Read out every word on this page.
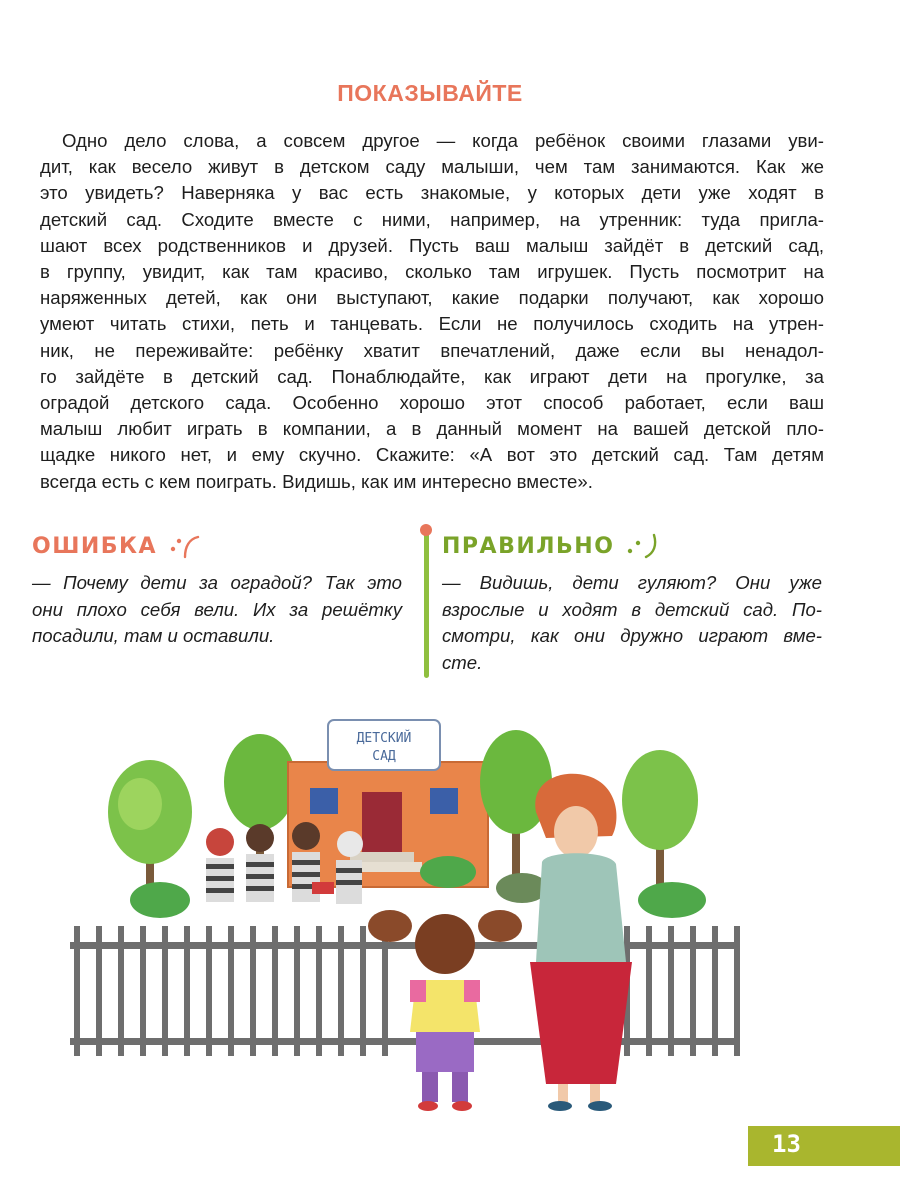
ПОКАЗЫВАЙТЕ
Одно дело слова, а совсем другое — когда ребёнок своими глазами уви-
дит, как весело живут в детском саду малыши, чем там занимаются. Как же
это увидеть? Наверняка у вас есть знакомые, у которых дети уже ходят в
детский сад. Сходите вместе с ними, например, на утренник: туда пригла-
шают всех родственников и друзей. Пусть ваш малыш зайдёт в детский сад,
в группу, увидит, как там красиво, сколько там игрушек. Пусть посмотрит на
наряженных детей, как они выступают, какие подарки получают, как хорошо
умеют читать стихи, петь и танцевать. Если не получилось сходить на утрен-
ник, не переживайте: ребёнку хватит впечатлений, даже если вы ненадол-
го зайдёте в детский сад. Понаблюдайте, как играют дети на прогулке, за
оградой детского сада. Особенно хорошо этот способ работает, если ваш
малыш любит играть в компании, а в данный момент на вашей детской пло-
щадке никого нет, и ему скучно. Скажите: «А вот это детский сад. Там детям
всегда есть с кем поиграть. Видишь, как им интересно вместе».
ОШИБКА
— Почему дети за оградой? Так это
они плохо себя вели. Их за решётку
посадили, там и оставили.
ПРАВИЛЬНО
— Видишь, дети гуляют? Они уже
взрослые и ходят в детский сад. По-
смотри, как они дружно играют вме-
сте.
ДЕТСКИЙ
САД
13
